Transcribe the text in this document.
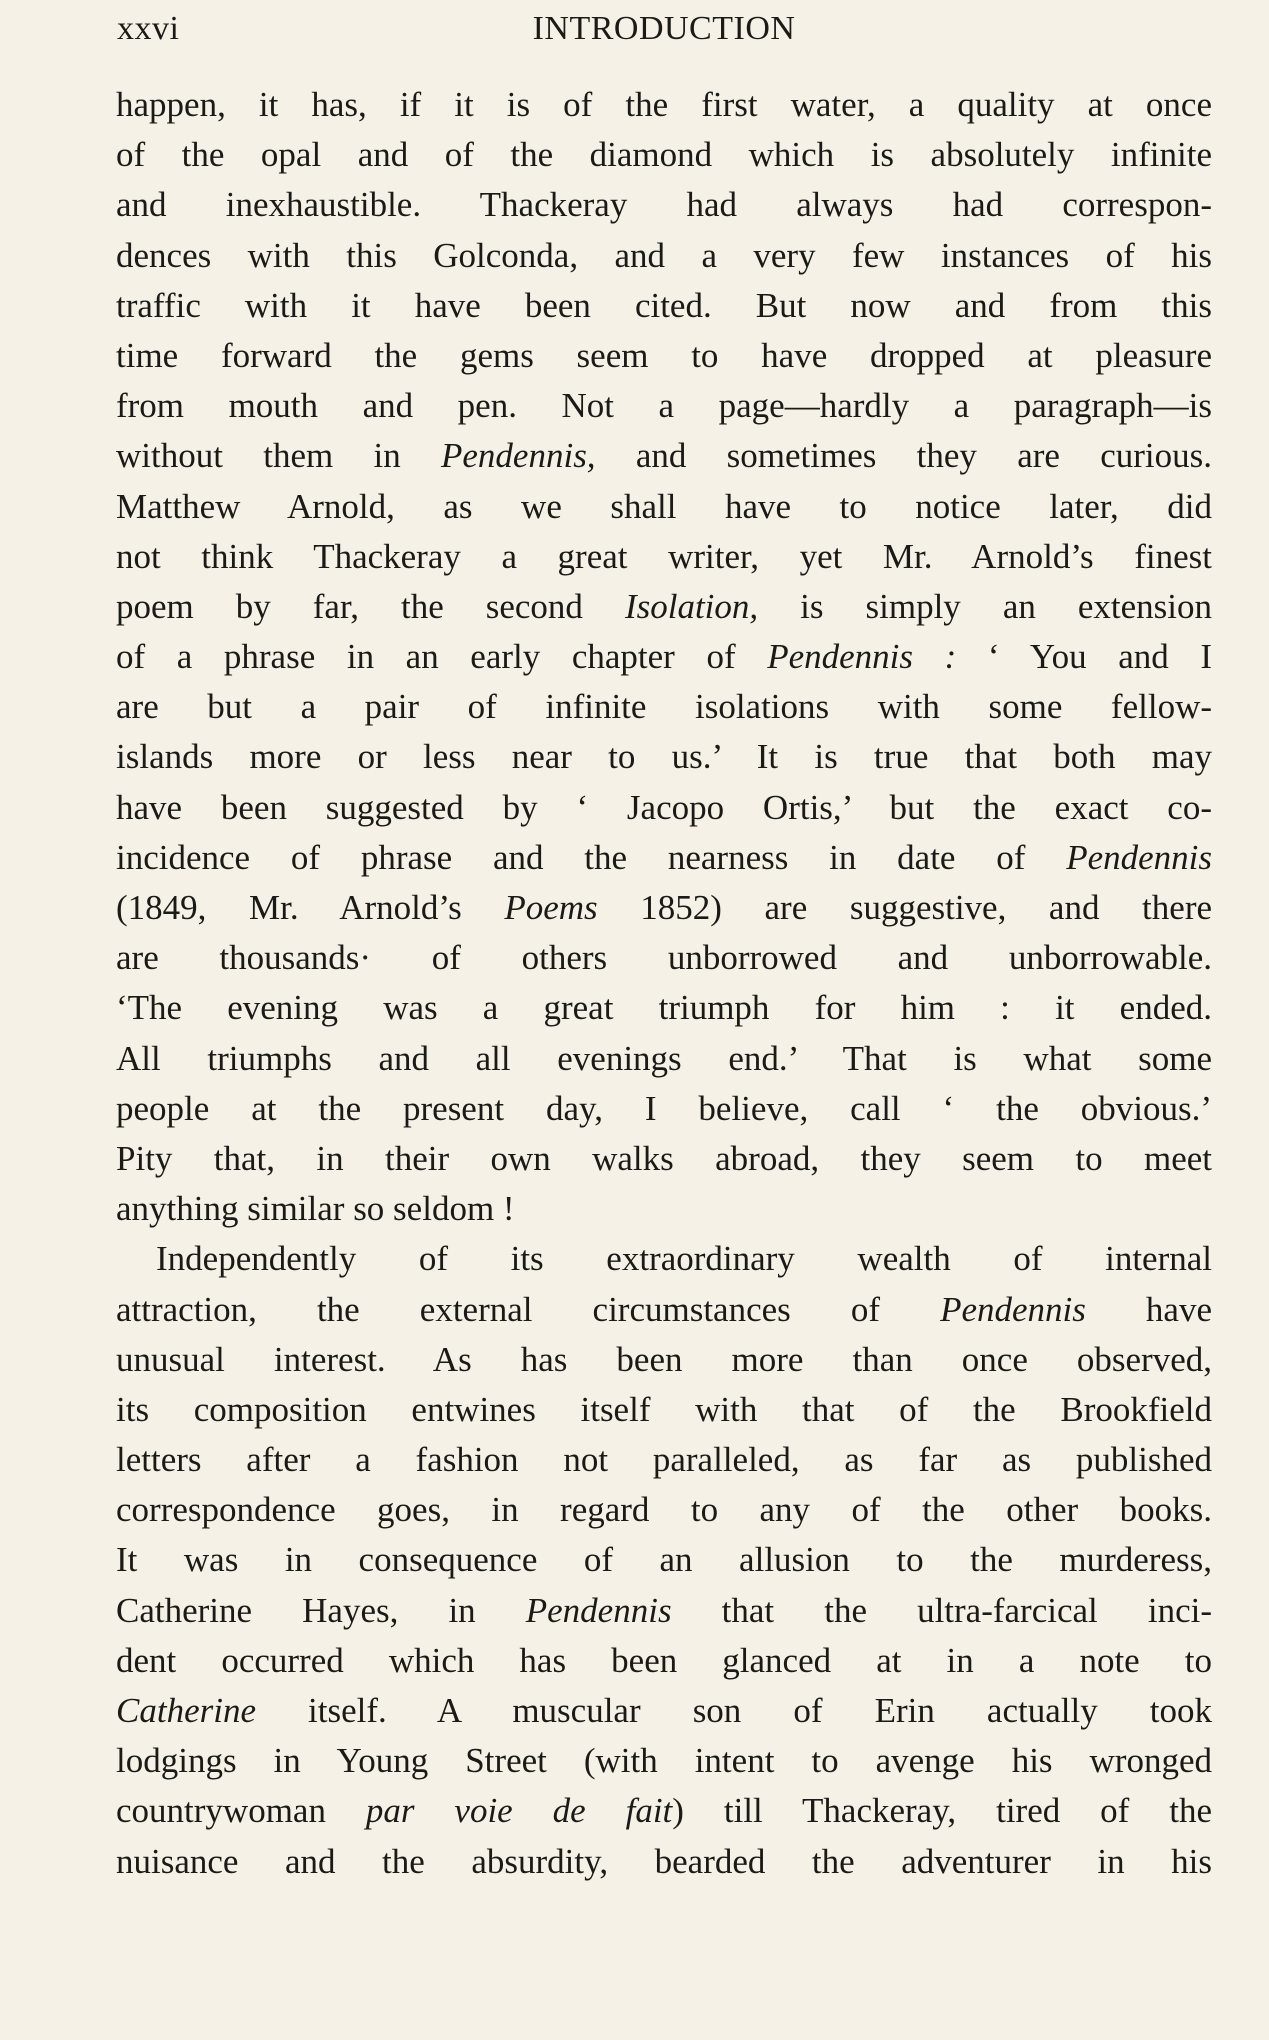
xxvi	INTRODUCTION
happen, it has, if it is of the first water, a quality at once
of the opal and of the diamond which is absolutely infinite
and inexhaustible. Thackeray had always had correspon-
dences with this Golconda, and a very few instances of his
traffic with it have been cited. But now and from this
time forward the gems seem to have dropped at pleasure
from mouth and pen. Not a page—hardly a paragraph—is
without them in Pendennis, and sometimes they are curious.
Matthew Arnold, as we shall have to notice later, did
not think Thackeray a great writer, yet Mr. Arnold’s finest
poem by far, the second Isolation, is simply an extension
of a phrase in an early chapter of Pendennis : ‘ You and I
are but a pair of infinite isolations with some fellow-
islands more or less near to us.’ It is true that both may
have been suggested by ‘ Jacopo Ortis,’ but the exact co-
incidence of phrase and the nearness in date of Pendennis
(1849, Mr. Arnold’s Poems 1852) are suggestive, and there
are thousands· of others unborrowed and unborrowable.
‘The evening was a great triumph for him : it ended.
All triumphs and all evenings end.’ That is what some
people at the present day, I believe, call ‘ the obvious.’
Pity that, in their own walks abroad, they seem to meet
anything similar so seldom !
Independently of its extraordinary wealth of internal
attraction, the external circumstances of Pendennis have
unusual interest. As has been more than once observed,
its composition entwines itself with that of the Brookfield
letters after a fashion not paralleled, as far as published
correspondence goes, in regard to any of the other books.
It was in consequence of an allusion to the murderess,
Catherine Hayes, in Pendennis that the ultra-farcical inci-
dent occurred which has been glanced at in a note to
Catherine itself. A muscular son of Erin actually took
lodgings in Young Street (with intent to avenge his wronged
countrywoman par voie de fait) till Thackeray, tired of the
nuisance and the absurdity, bearded the adventurer in his
